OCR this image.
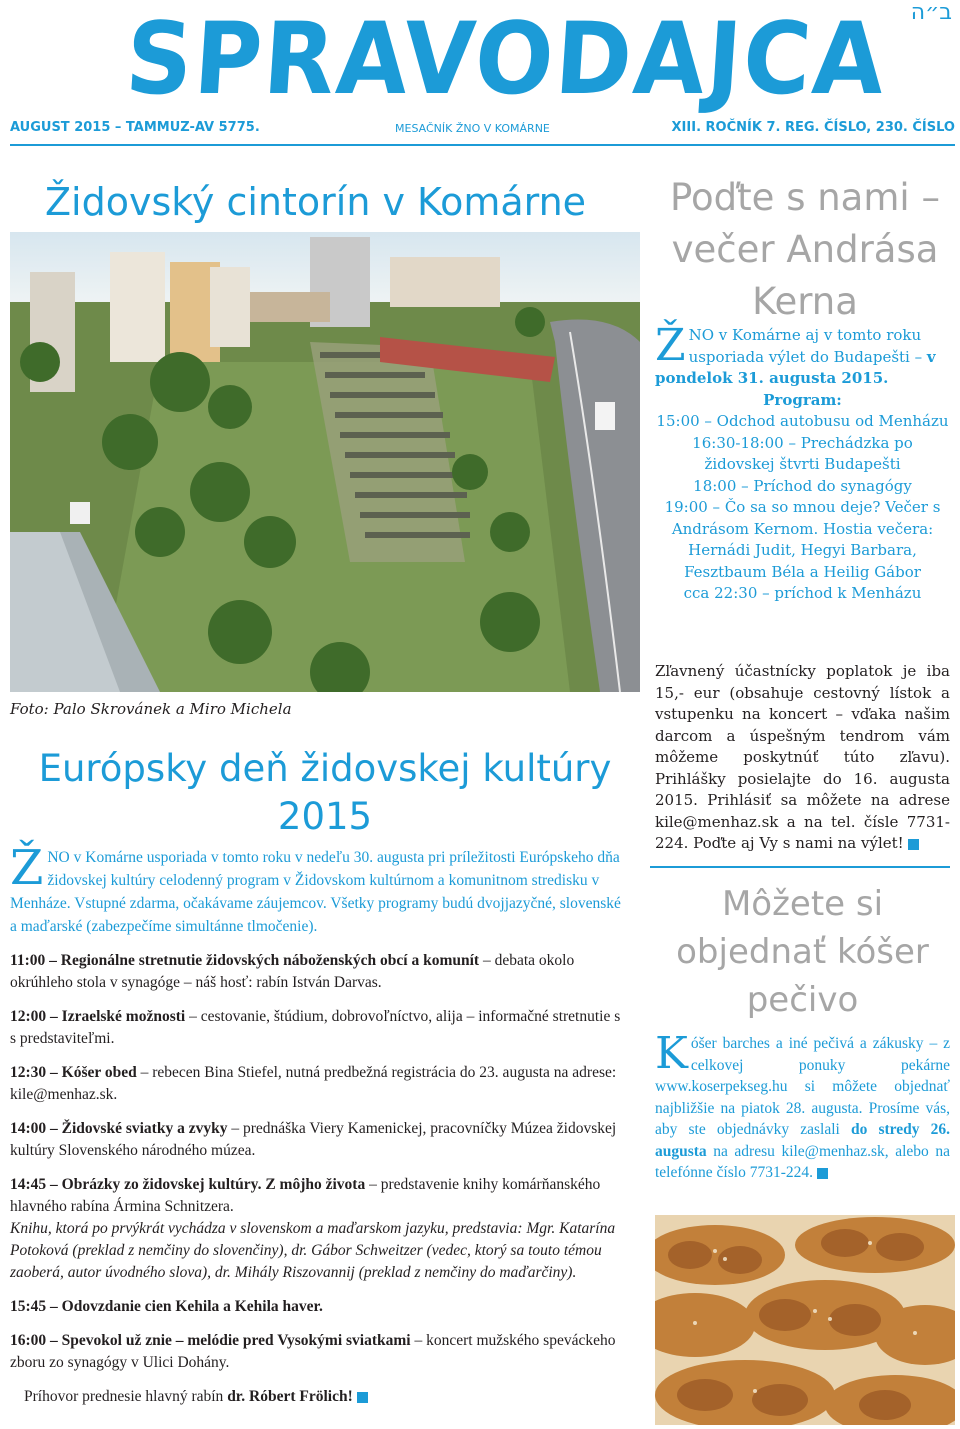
SPRAVODAJCA ב״ה
AUGUST 2015 – TAMMUZ-AV 5775.	MESAČNÍK ŽNO V KOMÁRNE	XIII. ROČNÍK 7. REG. ČÍSLO, 230. ČÍSLO
Židovský cintorín v Komárne
Foto: Palo Skrovánek a Miro Michela
Európsky deň židovskej kultúry
2015
ŽNO v Komárne usporiada v tomto roku v nedeľu 30. augusta pri príležitosti Európskeho dňa židovskej kultúry celodenný program v Židovskom kultúrnom a komunitnom stredisku v Menháze. Vstupné zdarma, očakávame záujemcov. Všetky programy budú dvojjazyčné, slovenské a maďarské (zabezpečíme simultánne tlmočenie).

11:00 – Regionálne stretnutie židovských náboženských obcí a komunít – debata okolo okrúhleho stola v synagóge – náš hosť: rabín István Darvas.

12:00 – Izraelské možnosti – cestovanie, štúdium, dobrovoľníctvo, alija – informačné stretnutie s s predstaviteľmi.

12:30 – Kóšer obed – rebecen Bina Stiefel, nutná predbežná registrácia do 23. augusta na adrese: kile@menhaz.sk.

14:00 – Židovské sviatky a zvyky – prednáška Viery Kamenickej, pracovníčky Múzea židovskej kultúry Slovenského národného múzea.

14:45 – Obrázky zo židovskej kultúry. Z môjho života – predstavenie knihy komárňanského hlavného rabína Ármina Schnitzera.

Knihu, ktorá po prvýkrát vychádza v slovenskom a maďarskom jazyku, predstavia: Mgr. Katarína Potoková (preklad z nemčiny do slovenčiny), dr. Gábor Schweitzer (vedec, ktorý sa touto témou zaoberá, autor úvodného slova), dr. Mihály Riszovannij (preklad z nemčiny do maďarčiny).

15:45 – Odovzdanie cien Kehila a Kehila haver.

16:00 – Spevokol už znie – melódie pred Vysokými sviatkami – koncert mužského speváckeho zboru zo synagógy v Ulici Dohány.

Príhovor prednesie hlavný rabín dr. Róbert Frölich!

Poďte s nami – večer Andrása Kerna
ŽNO v Komárne aj v tomto roku usporiada výlet do Budapešti – v pondelok 31. augusta 2015.
Program:
15:00 – Odchod autobusu od Menházu
16:30-18:00 – Prechádzka po židovskej štvrti Budapešti
18:00 – Príchod do synagógy
19:00 – Čo sa so mnou deje? Večer s Andrásom Kernom. Hostia večera: Hernádi Judit, Hegyi Barbara, Fesztbaum Béla a Heilig Gábor
cca 22:30 – príchod k Menházu
Zľavnený účastnícky poplatok je iba 15,- eur (obsahuje cestovný lístok a vstupenku na koncert – vďaka našim darcom a úspešným tendrom vám môžeme poskytnúť túto zľavu). Prihlášky posielajte do 16. augusta 2015. Prihlásiť sa môžete na adrese kile@menhaz.sk a na tel. čísle 7731-224. Poďte aj Vy s nami na výlet!
Môžete si objednať kóšer pečivo
Kóšer barches a iné pečivá a zákusky – z celkovej ponuky pekárne www.koserpekseg.hu si môžete objednať najbližšie na piatok 28. augusta. Prosíme vás, aby ste objednávky zaslali do stredy 26. augusta na adresu kile@menhaz.sk, alebo na telefónne číslo 7731-224.
